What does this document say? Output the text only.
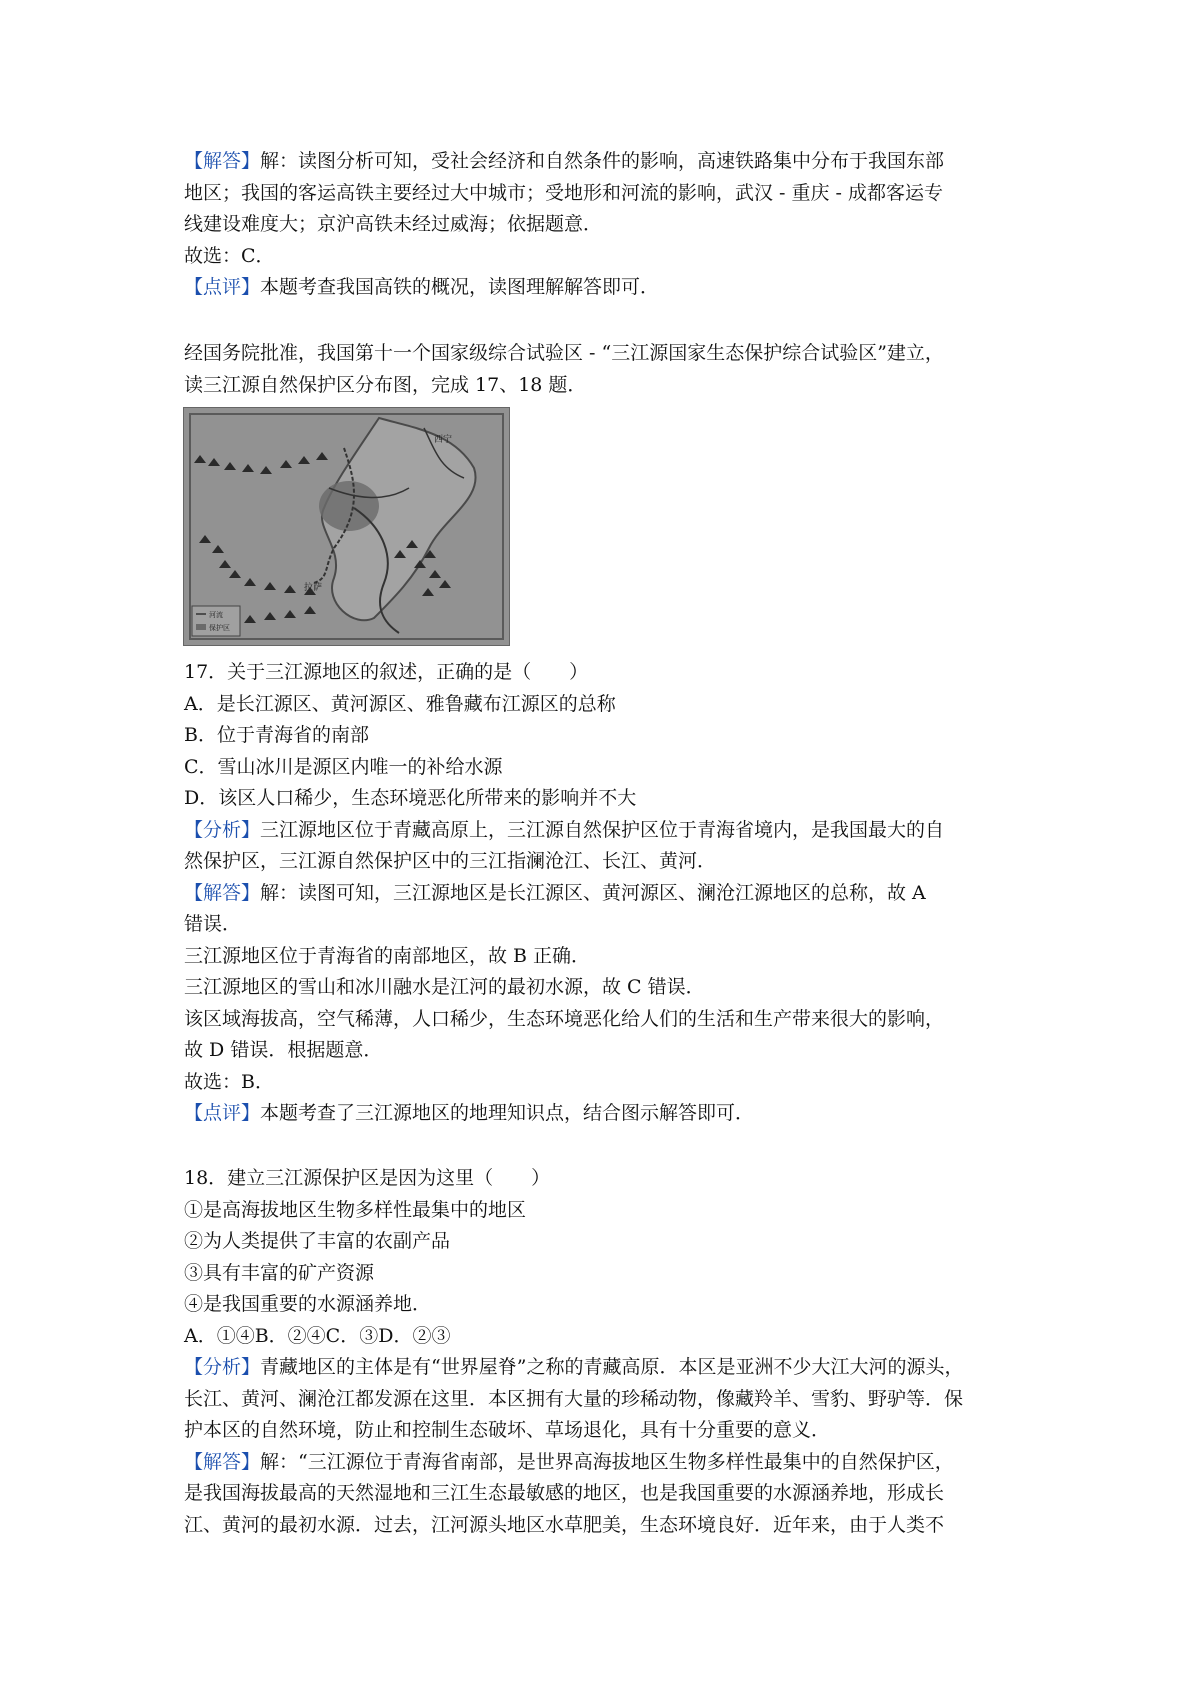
【解答】解：读图分析可知，受社会经济和自然条件的影响，高速铁路集中分布于我国东部
地区；我国的客运高铁主要经过大中城市；受地形和河流的影响，武汉 - 重庆 - 成都客运专
线建设难度大；京沪高铁未经过威海；依据题意．
故选：C．
【点评】本题考查我国高铁的概况，读图理解解答即可．
经国务院批准，我国第十一个国家级综合试验区 - “三江源国家生态保护综合试验区”建立，
读三江源自然保护区分布图，完成 17、18 题．
西宁
拉萨
河流
保护区
17．关于三江源地区的叙述，正确的是（　　）
A．是长江源区、黄河源区、雅鲁藏布江源区的总称
B．位于青海省的南部
C．雪山冰川是源区内唯一的补给水源
D．该区人口稀少，生态环境恶化所带来的影响并不大
【分析】三江源地区位于青藏高原上，三江源自然保护区位于青海省境内，是我国最大的自
然保护区，三江源自然保护区中的三江指澜沧江、长江、黄河．
【解答】解：读图可知，三江源地区是长江源区、黄河源区、澜沧江源地区的总称，故 A
错误．
三江源地区位于青海省的南部地区，故 B 正确．
三江源地区的雪山和冰川融水是江河的最初水源，故 C 错误．
该区域海拔高，空气稀薄，人口稀少，生态环境恶化给人们的生活和生产带来很大的影响，
故 D 错误．根据题意．
故选：B．
【点评】本题考查了三江源地区的地理知识点，结合图示解答即可．
18．建立三江源保护区是因为这里（　　）
①是高海拔地区生物多样性最集中的地区
②为人类提供了丰富的农副产品
③具有丰富的矿产资源
④是我国重要的水源涵养地．
A．①④B．②④C．③D．②③
【分析】青藏地区的主体是有“世界屋脊”之称的青藏高原．本区是亚洲不少大江大河的源头，
长江、黄河、澜沧江都发源在这里．本区拥有大量的珍稀动物，像藏羚羊、雪豹、野驴等．保
护本区的自然环境，防止和控制生态破坏、草场退化，具有十分重要的意义．
【解答】解：“三江源位于青海省南部，是世界高海拔地区生物多样性最集中的自然保护区，
是我国海拔最高的天然湿地和三江生态最敏感的地区，也是我国重要的水源涵养地，形成长
江、黄河的最初水源．过去，江河源头地区水草肥美，生态环境良好．近年来，由于人类不
